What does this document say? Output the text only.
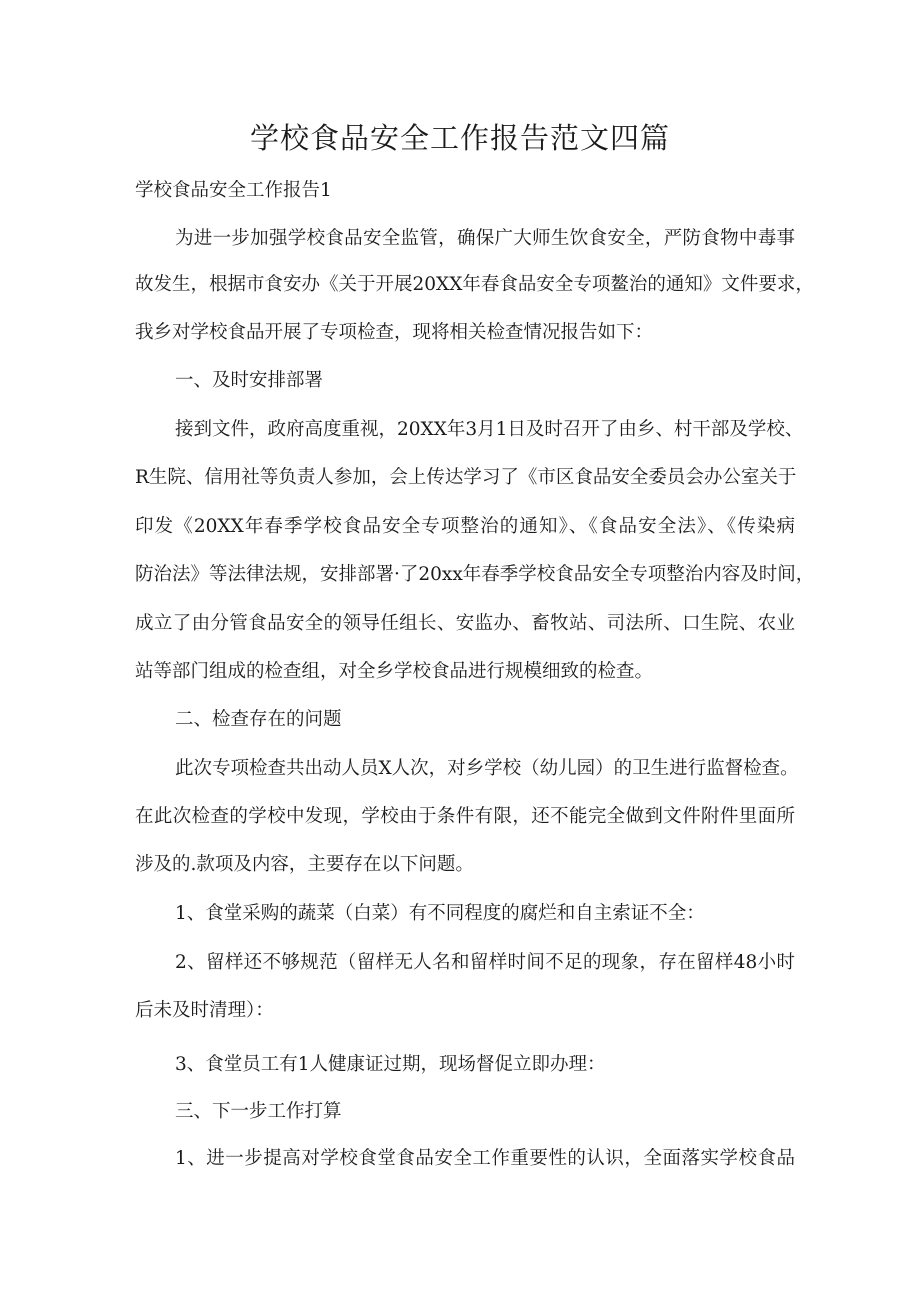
学校食品安全工作报告范文四篇

学校食品安全工作报告1

为进一步加强学校食品安全监管，确保广大师生饮食安全，严防食物中毒事

故发生，根据市食安办《关于开展20XX年春食品安全专项鳌治的通知》文件要求，

我乡对学校食品开展了专项检查，现将相关检查情况报告如下：

一、及时安排部署

接到文件，政府高度重视，20XX年3月1日及时召开了由乡、村干部及学校、

R生院、信用社等负责人参加，会上传达学习了《市区食品安全委员会办公室关于

印发《20XX年春季学校食品安全专项整治的通知》、《食品安全法》、《传染病

防治法》等法律法规，安排部署·了20xx年春季学校食品安全专项整治内容及时间，

成立了由分管食品安全的领导任组长、安监办、畜牧站、司法所、口生院、农业

站等部门组成的检查组，对全乡学校食品进行规模细致的检查。

二、检查存在的问题

此次专项检查共出动人员X人次，对乡学校（幼儿园）的卫生进行监督检查。

在此次检查的学校中发现，学校由于条件有限，还不能完全做到文件附件里面所

涉及的.款项及内容，主要存在以下问题。

1、食堂采购的蔬菜（白菜）有不同程度的腐烂和自主索证不全：

2、留样还不够规范（留样无人名和留样时间不足的现象，存在留样48小时

后未及时清理）：

3、食堂员工有1人健康证过期，现场督促立即办理：

三、下一步工作打算

1、进一步提高对学校食堂食品安全工作重要性的认识，全面落实学校食品
